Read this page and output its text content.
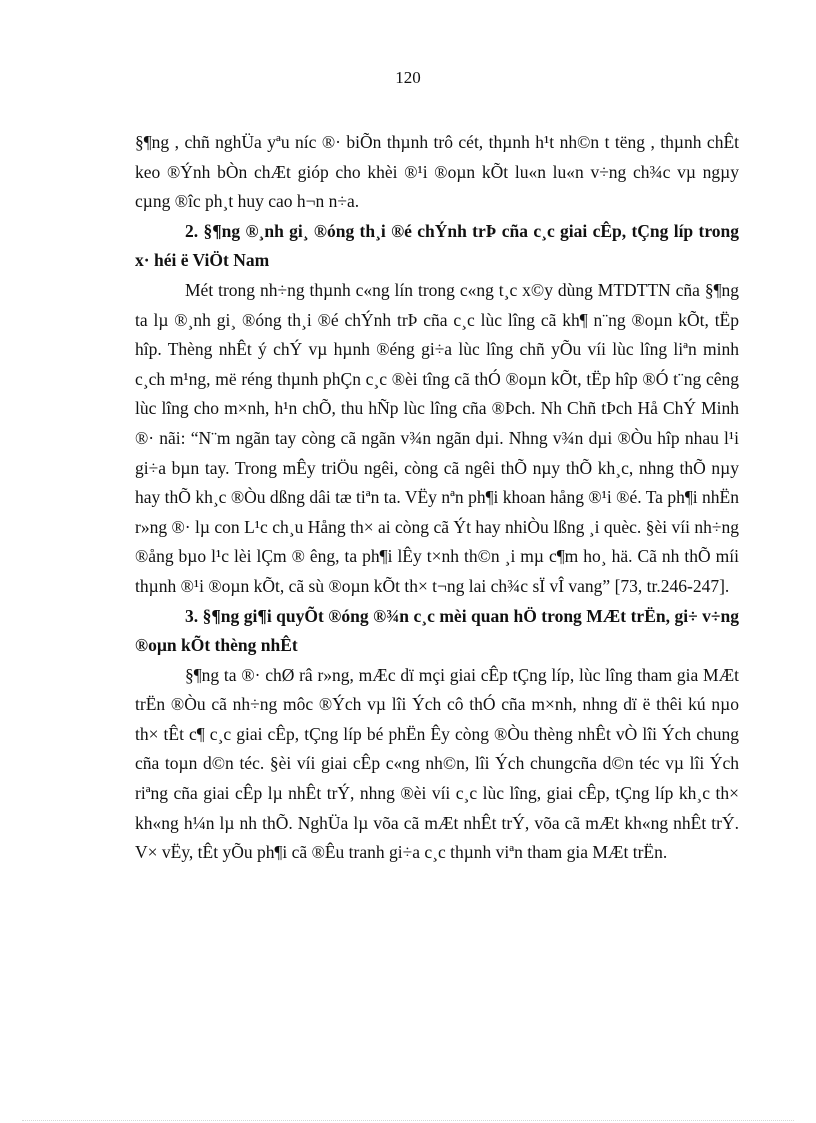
120

§¶ng , chñ nghÜa yªu níc ®· biÕn thµnh trô cét, thµnh h¹t nh©n t tëng , thµnh chÊt keo ®Ýnh bÒn chÆt gióp cho khèi ®¹i ®oµn kÕt lu«n lu«n v÷ng ch¾c vµ ngµy cµng ®îc ph¸t huy cao h¬n n÷a.

2. §¶ng ®¸nh gi¸ ®óng th¸i ®é chÝnh trÞ cña c¸c giai cÊp, tÇng líp trong x· héi ë ViÖt Nam

Mét trong nh÷ng thµnh c«ng lín trong c«ng t¸c x©y dùng MTDTTN cña §¶ng ta lµ ®¸nh gi¸ ®óng th¸i ®é chÝnh trÞ cña c¸c lùc lîng cã kh¶ n¨ng ®oµn kÕt, tËp hîp. Thèng nhÊt ý chÝ vµ hµnh ®éng gi÷a lùc lîng chñ yÕu víi lùc lîng liªn minh c¸ch m¹ng, më réng thµnh phÇn c¸c ®èi tîng cã thÓ ®oµn kÕt, tËp hîp ®Ó t¨ng cêng lùc lîng cho m×nh, h¹n chÕ, thu hÑp lùc lîng cña ®Þch. Nh Chñ tÞch Hå ChÝ Minh ®· nãi: “N¨m ngãn tay còng cã ngãn v¾n ngãn dµi. Nhng v¾n dµi ®Òu hîp nhau l¹i gi÷a bµn tay. Trong mÊy triÖu ngêi, còng cã ngêi thÕ nµy thÕ kh¸c, nhng thÕ nµy hay thÕ kh¸c ®Òu dßng dâi tæ tiªn ta. VËy nªn ph¶i khoan hång ®¹i ®é. Ta ph¶i nhËn r»ng ®· lµ con L¹c ch¸u Hång th× ai còng cã Ýt hay nhiÒu lßng ¸i quèc. §èi víi nh÷ng ®ång bµo l¹c lèi lÇm ® êng, ta ph¶i lÊy t×nh th©n ¸i mµ c¶m ho¸ hä. Cã nh thÕ míi thµnh ®¹i ®oµn kÕt, cã sù ®oµn kÕt th× t¬ng lai ch¾c sÏ vÎ vang” [73, tr.246-247].

3. §¶ng gi¶i quyÕt ®óng ®¾n c¸c mèi quan hÖ trong MÆt trËn, gi÷ v÷ng ®oµn kÕt thèng nhÊt

§¶ng ta ®· chØ râ r»ng, mÆc dï mçi giai cÊp tÇng líp, lùc lîng tham gia MÆt trËn ®Òu cã nh÷ng môc ®Ých vµ lîi Ých cô thÓ cña m×nh, nhng dï ë thêi kú nµo th× tÊt c¶ c¸c giai cÊp, tÇng líp bé phËn Êy còng ®Òu thèng nhÊt vÒ lîi Ých chung cña toµn d©n téc. §èi víi giai cÊp c«ng nh©n, lîi Ých chungcña d©n téc vµ lîi Ých riªng cña giai cÊp lµ nhÊt trÝ, nhng ®èi víi c¸c lùc lîng, giai cÊp, tÇng líp kh¸c th× kh«ng h¼n lµ nh thÕ. NghÜa lµ võa cã mÆt nhÊt trÝ, võa cã mÆt kh«ng nhÊt trÝ. V× vËy, tÊt yÕu ph¶i cã ®Êu tranh gi÷a c¸c thµnh viªn tham gia MÆt trËn.
